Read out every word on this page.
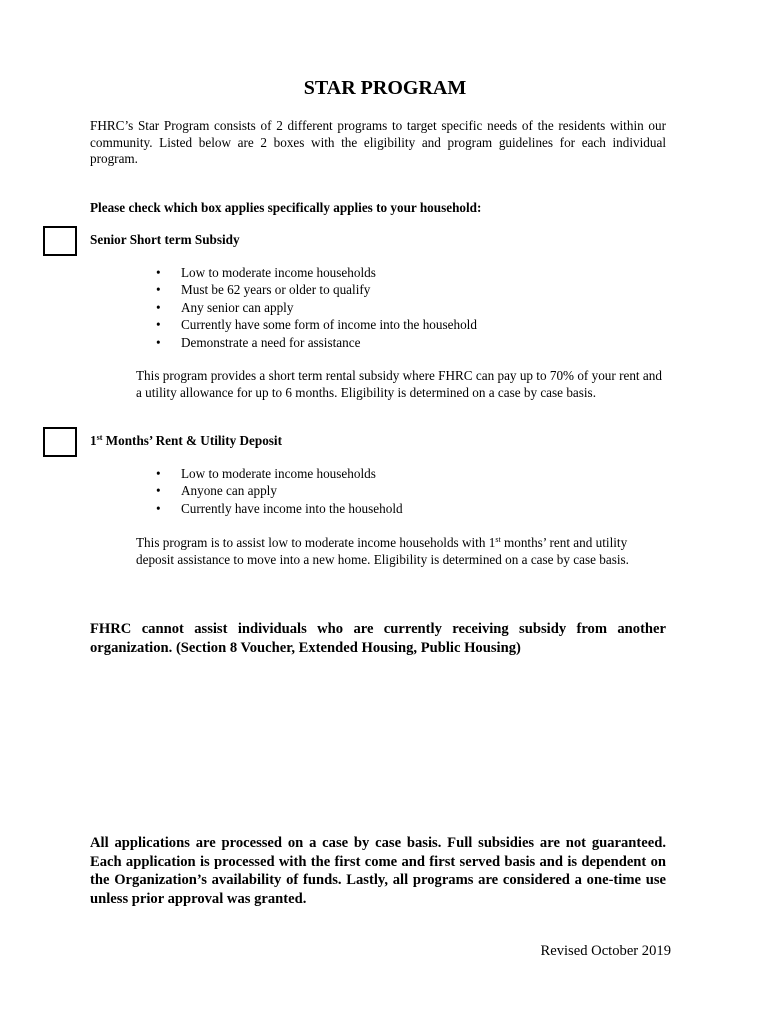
STAR PROGRAM
FHRC’s Star Program consists of 2 different programs to target specific needs of the residents within our community. Listed below are 2 boxes with the eligibility and program guidelines for each individual program.
Please check which box applies specifically applies to your household:
Senior Short term Subsidy
• Low to moderate income households
• Must be 62 years or older to qualify
• Any senior can apply
• Currently have some form of income into the household
• Demonstrate a need for assistance
This program provides a short term rental subsidy where FHRC can pay up to 70% of your rent and a utility allowance for up to 6 months. Eligibility is determined on a case by case basis.
1st Months’ Rent & Utility Deposit
• Low to moderate income households
• Anyone can apply
• Currently have income into the household
This program is to assist low to moderate income households with 1st months’ rent and utility deposit assistance to move into a new home. Eligibility is determined on a case by case basis.
FHRC cannot assist individuals who are currently receiving subsidy from another organization. (Section 8 Voucher, Extended Housing, Public Housing)
All applications are processed on a case by case basis. Full subsidies are not guaranteed. Each application is processed with the first come and first served basis and is dependent on the Organization’s availability of funds. Lastly, all programs are considered a one-time use unless prior approval was granted.
Revised October 2019
